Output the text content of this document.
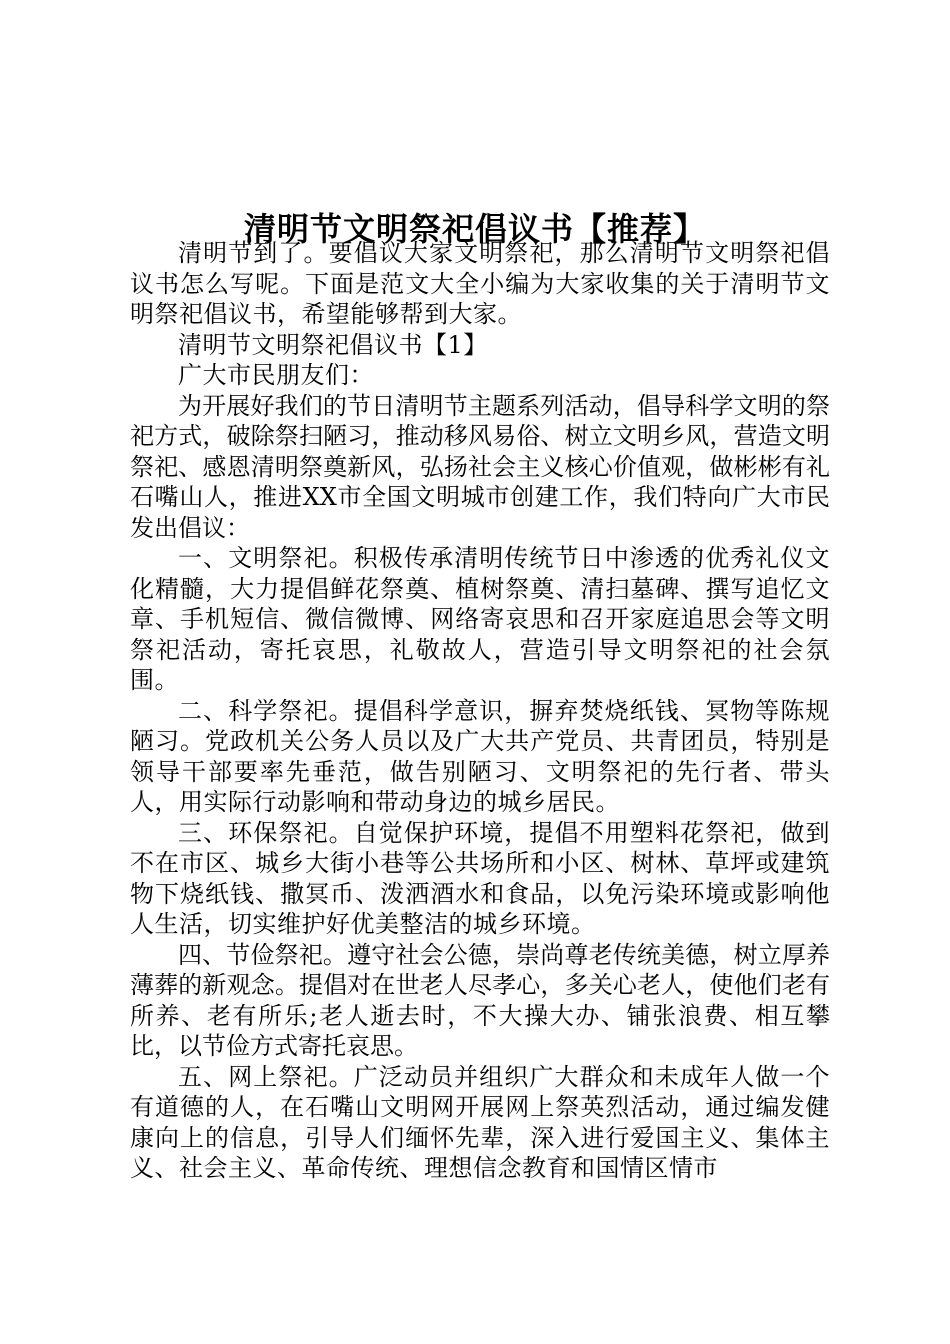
清明节文明祭祀倡议书【推荐】

清明节到了。要倡议大家文明祭祀，那么清明节文明祭祀倡议书怎么写呢。下面是范文大全小编为大家收集的关于清明节文明祭祀倡议书，希望能够帮到大家。

清明节文明祭祀倡议书【1】

广大市民朋友们：

为开展好我们的节日清明节主题系列活动，倡导科学文明的祭祀方式，破除祭扫陋习，推动移风易俗、树立文明乡风，营造文明祭祀、感恩清明祭奠新风，弘扬社会主义核心价值观，做彬彬有礼石嘴山人，推进XX市全国文明城市创建工作，我们特向广大市民发出倡议：

一、文明祭祀。积极传承清明传统节日中渗透的优秀礼仪文化精髓，大力提倡鲜花祭奠、植树祭奠、清扫墓碑、撰写追忆文章、手机短信、微信微博、网络寄哀思和召开家庭追思会等文明祭祀活动，寄托哀思，礼敬故人，营造引导文明祭祀的社会氛围。

二、科学祭祀。提倡科学意识，摒弃焚烧纸钱、冥物等陈规陋习。党政机关公务人员以及广大共产党员、共青团员，特别是领导干部要率先垂范，做告别陋习、文明祭祀的先行者、带头人，用实际行动影响和带动身边的城乡居民。

三、环保祭祀。自觉保护环境，提倡不用塑料花祭祀，做到不在市区、城乡大街小巷等公共场所和小区、树林、草坪或建筑物下烧纸钱、撒冥币、泼洒酒水和食品，以免污染环境或影响他人生活，切实维护好优美整洁的城乡环境。

四、节俭祭祀。遵守社会公德，崇尚尊老传统美德，树立厚养薄葬的新观念。提倡对在世老人尽孝心，多关心老人，使他们老有所养、老有所乐;老人逝去时，不大操大办、铺张浪费、相互攀比，以节俭方式寄托哀思。

五、网上祭祀。广泛动员并组织广大群众和未成年人做一个有道德的人，在石嘴山文明网开展网上祭英烈活动，通过编发健康向上的信息，引导人们缅怀先辈，深入进行爱国主义、集体主义、社会主义、革命传统、理想信念教育和国情区情市
